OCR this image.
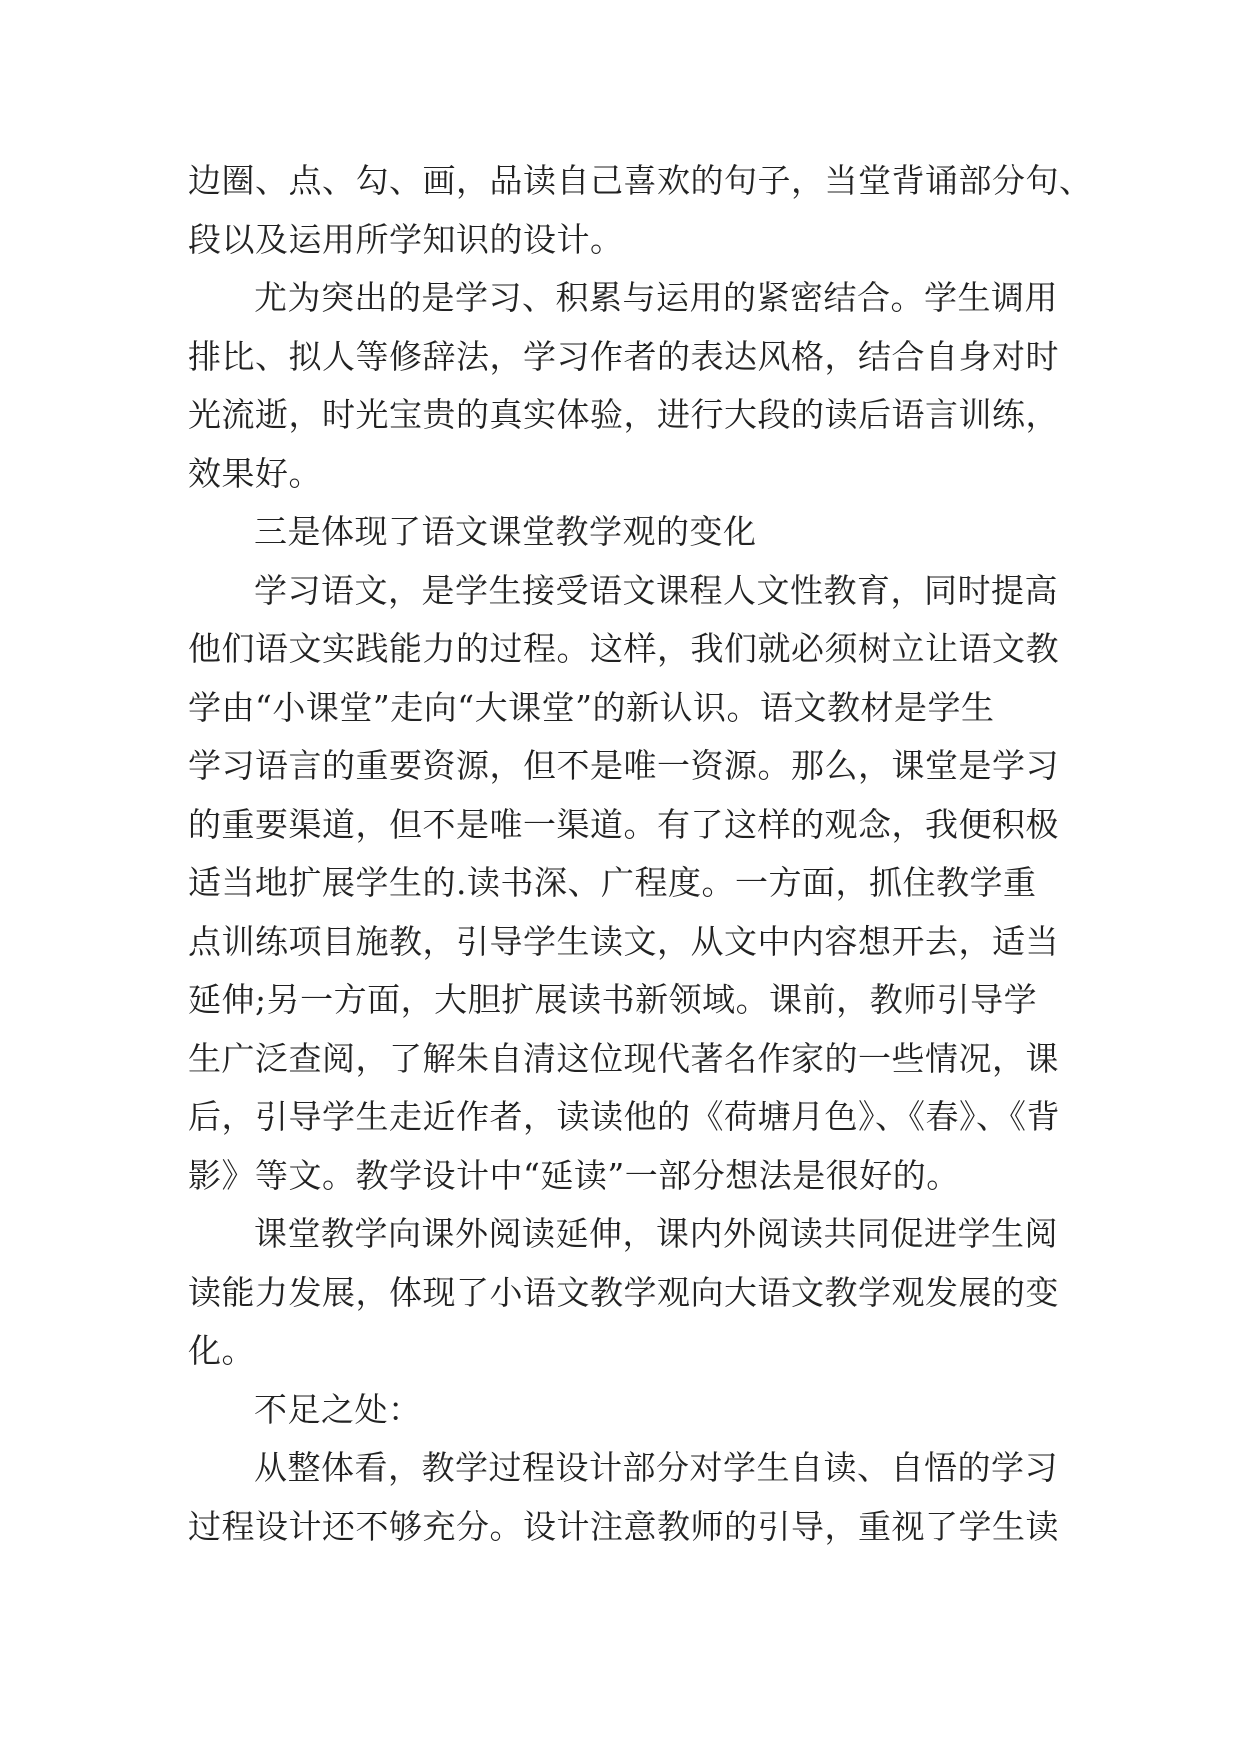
边圈、点、勾、画，品读自己喜欢的句子，当堂背诵部分句、
段以及运用所学知识的设计。

尤为突出的是学习、积累与运用的紧密结合。学生调用
排比、拟人等修辞法，学习作者的表达风格，结合自身对时
光流逝，时光宝贵的真实体验，进行大段的读后语言训练，
效果好。

三是体现了语文课堂教学观的变化

学习语文，是学生接受语文课程人文性教育，同时提高
他们语文实践能力的过程。这样，我们就必须树立让语文教
学由“小课堂”走向“大课堂”的新认识。语文教材是学生
学习语言的重要资源，但不是唯一资源。那么，课堂是学习
的重要渠道，但不是唯一渠道。有了这样的观念，我便积极
适当地扩展学生的.读书深、广程度。一方面，抓住教学重
点训练项目施教，引导学生读文，从文中内容想开去，适当
延伸;另一方面，大胆扩展读书新领域。课前，教师引导学
生广泛查阅，了解朱自清这位现代著名作家的一些情况，课
后，引导学生走近作者，读读他的《荷塘月色》、《春》、《背
影》等文。教学设计中“延读”一部分想法是很好的。

课堂教学向课外阅读延伸，课内外阅读共同促进学生阅
读能力发展，体现了小语文教学观向大语文教学观发展的变
化。

不足之处：

从整体看，教学过程设计部分对学生自读、自悟的学习
过程设计还不够充分。设计注意教师的引导，重视了学生读
